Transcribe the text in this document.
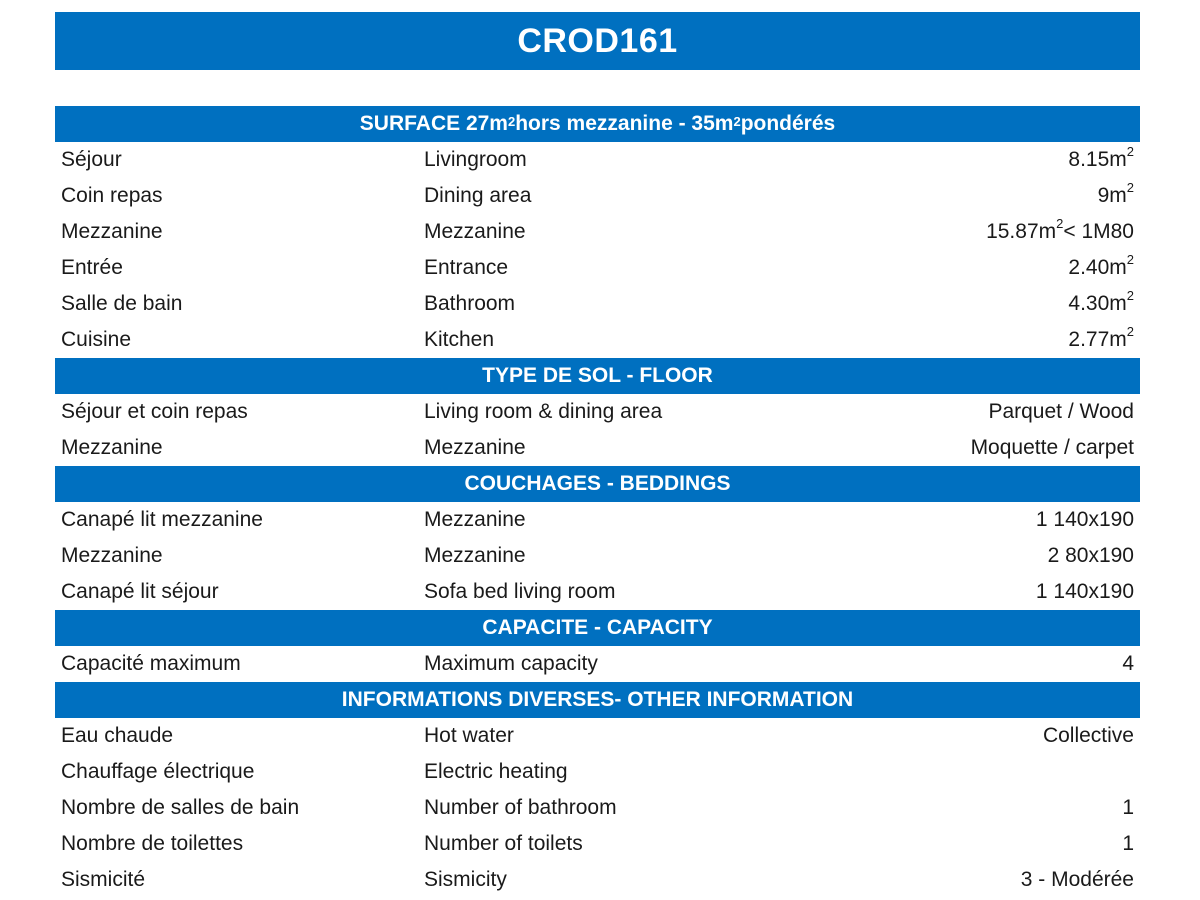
CROD161
SURFACE $27m^2$ hors mezzanine - $35m^2$ pondérés
Séjour	Livingroom	$8.15m^2$
Coin repas	Dining area	$9m^2$
Mezzanine	Mezzanine	$15.87m^2< 1M80$
Entrée	Entrance	$2.40m^2$
Salle de bain	Bathroom	$4.30m^2$
Cuisine	Kitchen	$2.77m^2$
TYPE DE SOL - FLOOR
Séjour et coin repas	Living room & dining area	Parquet / Wood
Mezzanine	Mezzanine	Moquette / carpet
COUCHAGES - BEDDINGS
Canapé lit mezzanine	Mezzanine	1 140x190
Mezzanine	Mezzanine	2 80x190
Canapé lit séjour	Sofa bed living room	1 140x190
CAPACITE - CAPACITY
Capacité maximum	Maximum capacity	4
INFORMATIONS DIVERSES- OTHER INFORMATION
Eau chaude	Hot water	Collective
Chauffage électrique	Electric heating
Nombre de salles de bain	Number of bathroom	1
Nombre de toilettes	Number of toilets	1
Sismicité	Sismicity	3 - Modérée
